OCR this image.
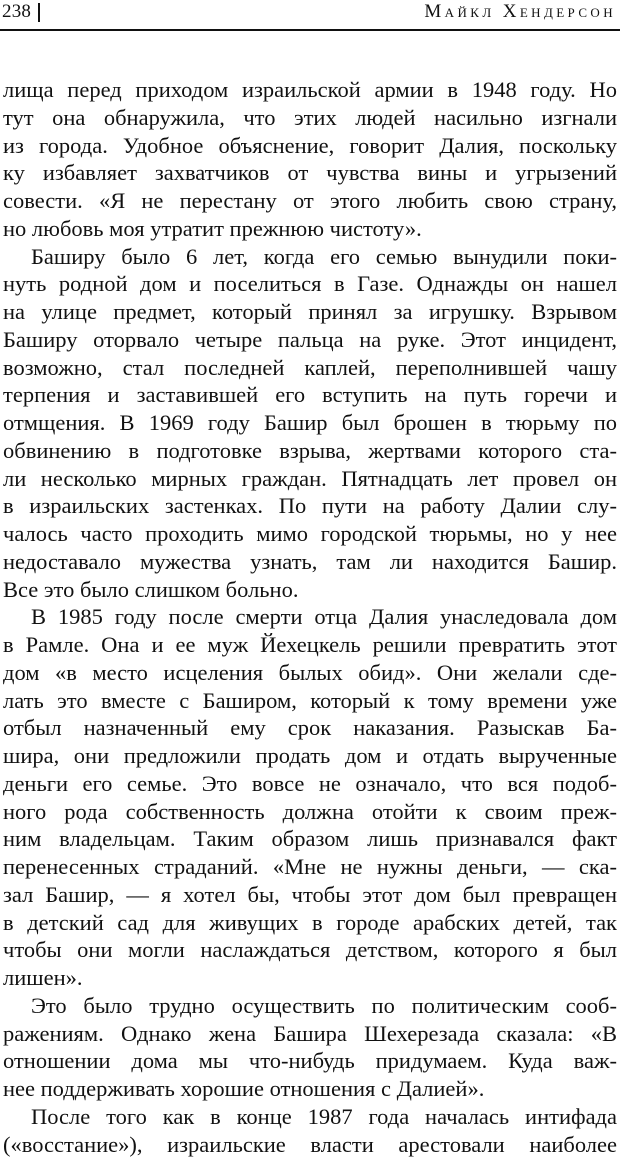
238	Майкл Хендерсон
лища перед приходом израильской армии в 1948 году. Но
тут она обнаружила, что этих людей насильно изгнали
из города. Удобное объяснение, говорит Далия, поскольку
ку избавляет захватчиков от чувства вины и угрызений
совести. «Я не перестану от этого любить свою страну,
но любовь моя утратит прежнюю чистоту».
Баширу было 6 лет, когда его семью вынудили поки-
нуть родной дом и поселиться в Газе. Однажды он нашел
на улице предмет, который принял за игрушку. Взрывом
Баширу оторвало четыре пальца на руке. Этот инцидент,
возможно, стал последней каплей, переполнившей чашу
терпения и заставившей его вступить на путь горечи и
отмщения. В 1969 году Башир был брошен в тюрьму по
обвинению в подготовке взрыва, жертвами которого ста-
ли несколько мирных граждан. Пятнадцать лет провел он
в израильских застенках. По пути на работу Далии слу-
чалось часто проходить мимо городской тюрьмы, но у нее
недоставало мужества узнать, там ли находится Башир.
Все это было слишком больно.
В 1985 году после смерти отца Далия унаследовала дом
в Рамле. Она и ее муж Йехецкель решили превратить этот
дом «в место исцеления былых обид». Они желали сде-
лать это вместе с Баширом, который к тому времени уже
отбыл назначенный ему срок наказания. Разыскав Ба-
шира, они предложили продать дом и отдать вырученные
деньги его семье. Это вовсе не означало, что вся подоб-
ного рода собственность должна отойти к своим преж-
ним владельцам. Таким образом лишь признавался факт
перенесенных страданий. «Мне не нужны деньги, — ска-
зал Башир, — я хотел бы, чтобы этот дом был превращен
в детский сад для живущих в городе арабских детей, так
чтобы они могли наслаждаться детством, которого я был
лишен».
Это было трудно осуществить по политическим сооб-
ражениям. Однако жена Башира Шехерезада сказала: «В
отношении дома мы что-нибудь придумаем. Куда важ-
нее поддерживать хорошие отношения с Далией».
После того как в конце 1987 года началась интифада
(«восстание»), израильские власти арестовали наиболее
